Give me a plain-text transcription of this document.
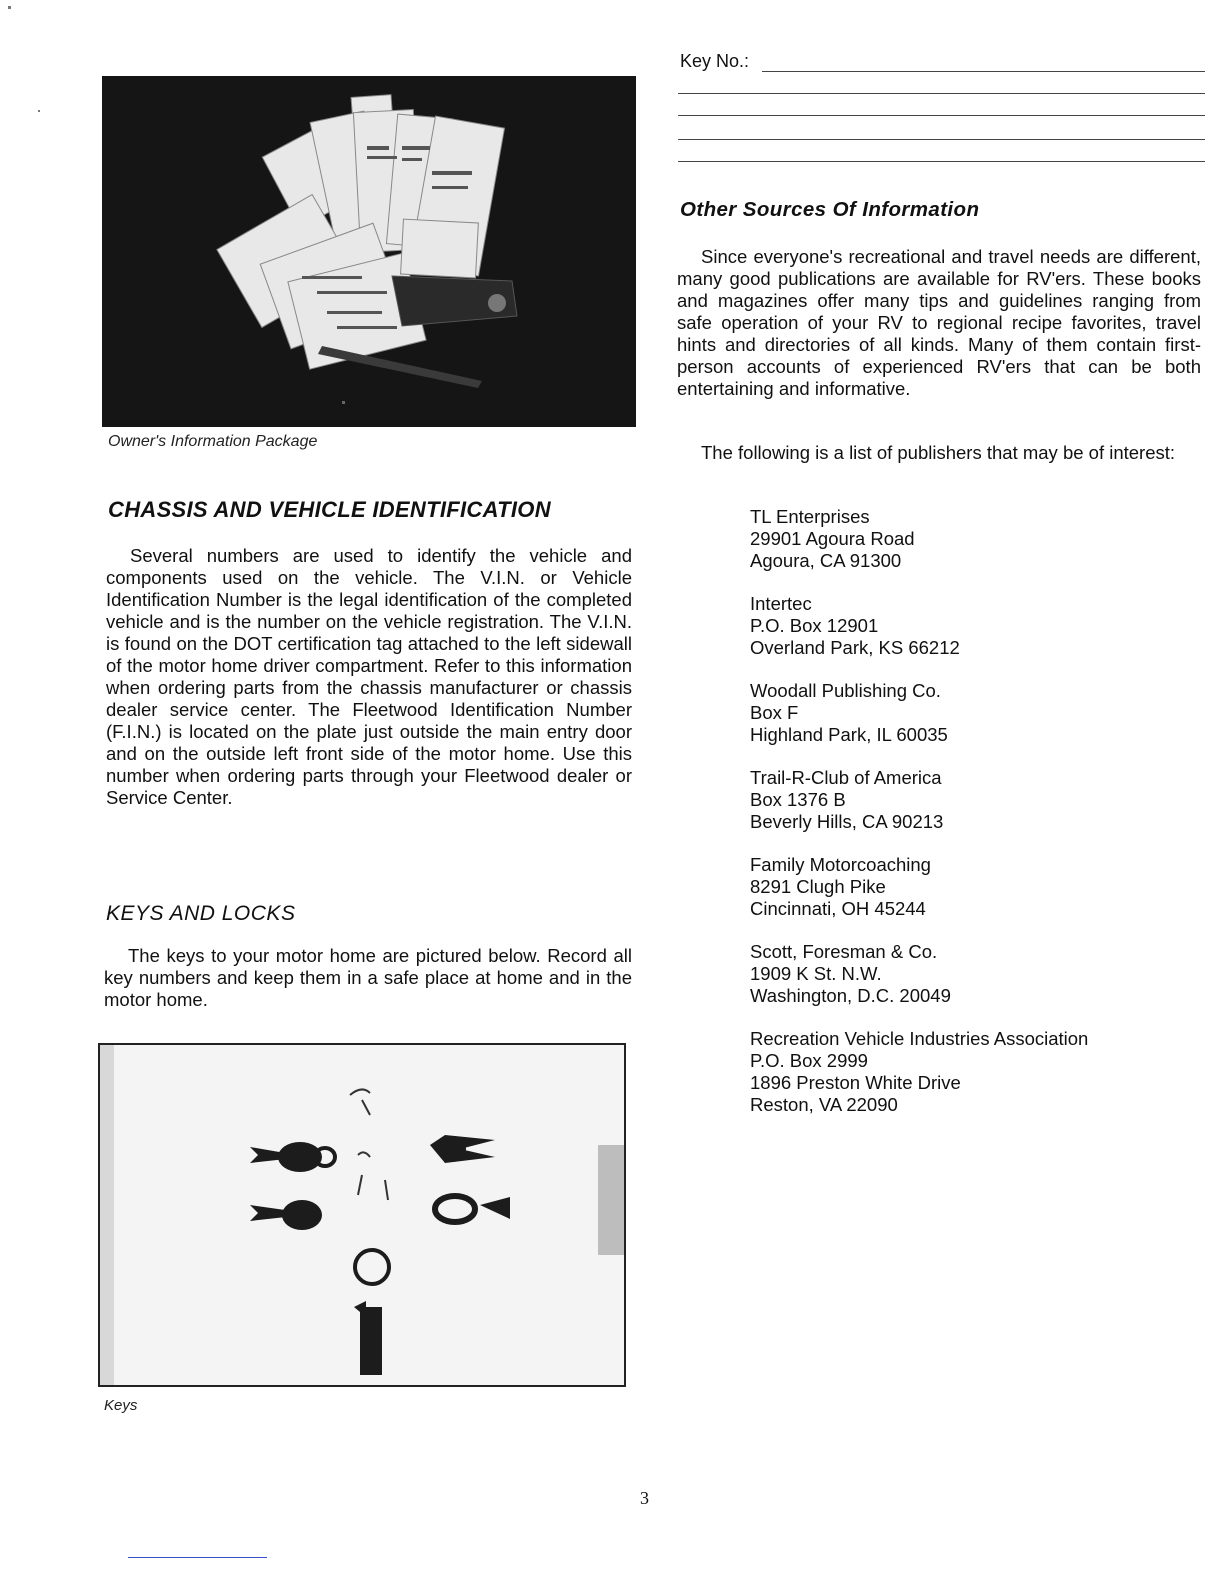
Owner's Information Package
CHASSIS AND VEHICLE IDENTIFICATION

Several numbers are used to identify the vehicle and components used on the vehicle. The V.I.N. or Vehicle Identification Number is the legal identification of the completed vehicle and is the number on the vehicle registration. The V.I.N. is found on the DOT certification tag attached to the left sidewall of the motor home driver compartment. Refer to this information when ordering parts from the chassis manufacturer or chassis dealer service center. The Fleetwood Identification Number (F.I.N.) is located on the plate just outside the main entry door and on the outside left front side of the motor home. Use this number when ordering parts through your Fleetwood dealer or Service Center.

KEYS AND LOCKS

The keys to your motor home are pictured below. Record all key numbers and keep them in a safe place at home and in the motor home.

Keys
Key No.:
Other Sources Of Information

Since everyone's recreational and travel needs are different, many good publications are available for RV'ers. These books and magazines offer many tips and guidelines ranging from safe operation of your RV to regional recipe favorites, travel hints and directories of all kinds. Many of them contain first-person accounts of experienced RV'ers that can be both entertaining and informative.

The following is a list of publishers that may be of interest:

TL Enterprises
29901 Agoura Road
Agoura, CA 91300
Intertec
P.O. Box 12901
Overland Park, KS 66212
Woodall Publishing Co.
Box F
Highland Park, IL 60035
Trail-R-Club of America
Box 1376 B
Beverly Hills, CA 90213
Family Motorcoaching
8291 Clugh Pike
Cincinnati, OH 45244
Scott, Foresman & Co.
1909 K St. N.W.
Washington, D.C. 20049
Recreation Vehicle Industries Association
P.O. Box 2999
1896 Preston White Drive
Reston, VA 22090
3
